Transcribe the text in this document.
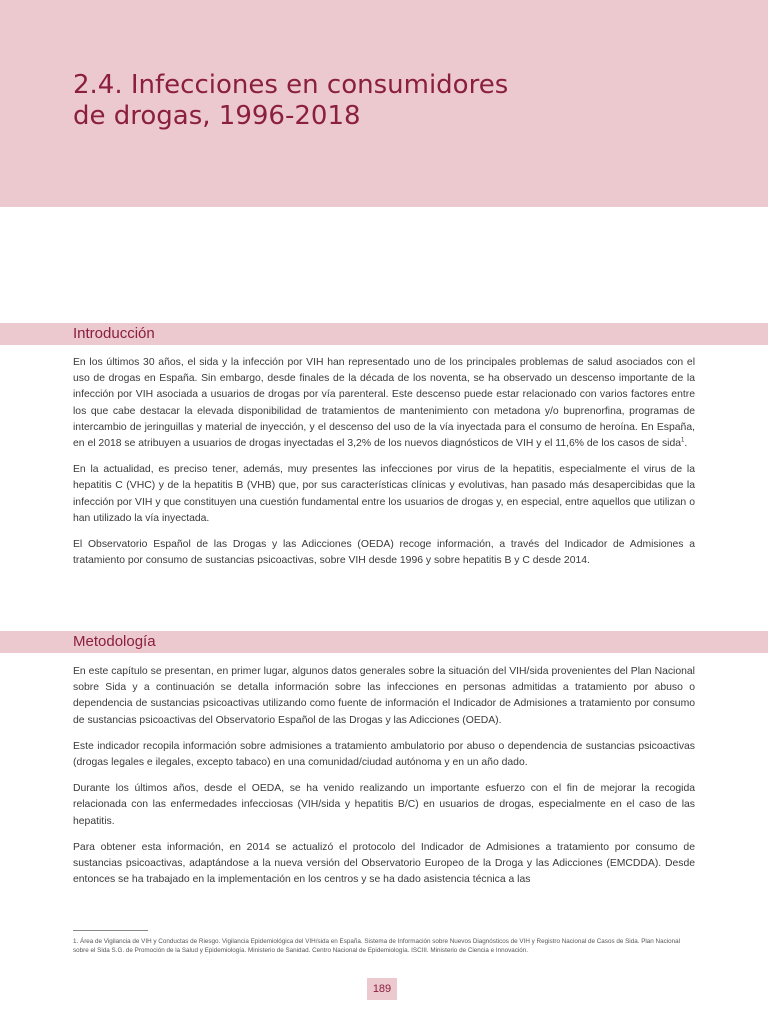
2.4. Infecciones en consumidores
de drogas, 1996-2018
Introducción

En los últimos 30 años, el sida y la infección por VIH han representado uno de los principales problemas de salud asociados con el uso de drogas en España. Sin embargo, desde finales de la década de los noventa, se ha observado un descenso importante de la infección por VIH asociada a usuarios de drogas por vía parenteral. Este descenso puede estar relacionado con varios factores entre los que cabe destacar la elevada disponibilidad de tratamientos de mantenimiento con metadona y/o buprenorfina, programas de intercambio de jeringuillas y material de inyección, y el descenso del uso de la vía inyectada para el consumo de heroína. En España, en el 2018 se atribuyen a usuarios de drogas inyectadas el 3,2% de los nuevos diagnósticos de VIH y el 11,6% de los casos de sida$^1$.

En la actualidad, es preciso tener, además, muy presentes las infecciones por virus de la hepatitis, especialmente el virus de la hepatitis C (VHC) y de la hepatitis B (VHB) que, por sus características clínicas y evolutivas, han pasado más desapercibidas que la infección por VIH y que constituyen una cuestión fundamental entre los usuarios de drogas y, en especial, entre aquellos que utilizan o han utilizado la vía inyectada.

El Observatorio Español de las Drogas y las Adicciones (OEDA) recoge información, a través del Indicador de Admisiones a tratamiento por consumo de sustancias psicoactivas, sobre VIH desde 1996 y sobre hepatitis B y C desde 2014.

Metodología

En este capítulo se presentan, en primer lugar, algunos datos generales sobre la situación del VIH/sida provenientes del Plan Nacional sobre Sida y a continuación se detalla información sobre las infecciones en personas admitidas a tratamiento por abuso o dependencia de sustancias psicoactivas utilizando como fuente de información el Indicador de Admisiones a tratamiento por consumo de sustancias psicoactivas del Observatorio Español de las Drogas y las Adicciones (OEDA).

Este indicador recopila información sobre admisiones a tratamiento ambulatorio por abuso o dependencia de sustancias psicoactivas (drogas legales e ilegales, excepto tabaco) en una comunidad/ciudad autónoma y en un año dado.

Durante los últimos años, desde el OEDA, se ha venido realizando un importante esfuerzo con el fin de mejorar la recogida relacionada con las enfermedades infecciosas (VIH/sida y hepatitis B/C) en usuarios de drogas, especialmente en el caso de las hepatitis.

Para obtener esta información, en 2014 se actualizó el protocolo del Indicador de Admisiones a tratamiento por consumo de sustancias psicoactivas, adaptándose a la nueva versión del Observatorio Europeo de la Droga y las Adicciones (EMCDDA). Desde entonces se ha trabajado en la implementación en los centros y se ha dado asistencia técnica a las

1. Área de Vigilancia de VIH y Conductas de Riesgo. Vigilancia Epidemiológica del VIH/sida en España. Sistema de Información sobre Nuevos Diagnósticos de VIH y Registro Nacional de Casos de Sida. Plan Nacional sobre el Sida S.G. de Promoción de la Salud y Epidemiología. Ministerio de Sanidad. Centro Nacional de Epidemiología. ISCIII. Ministerio de Ciencia e Innovación.

189
